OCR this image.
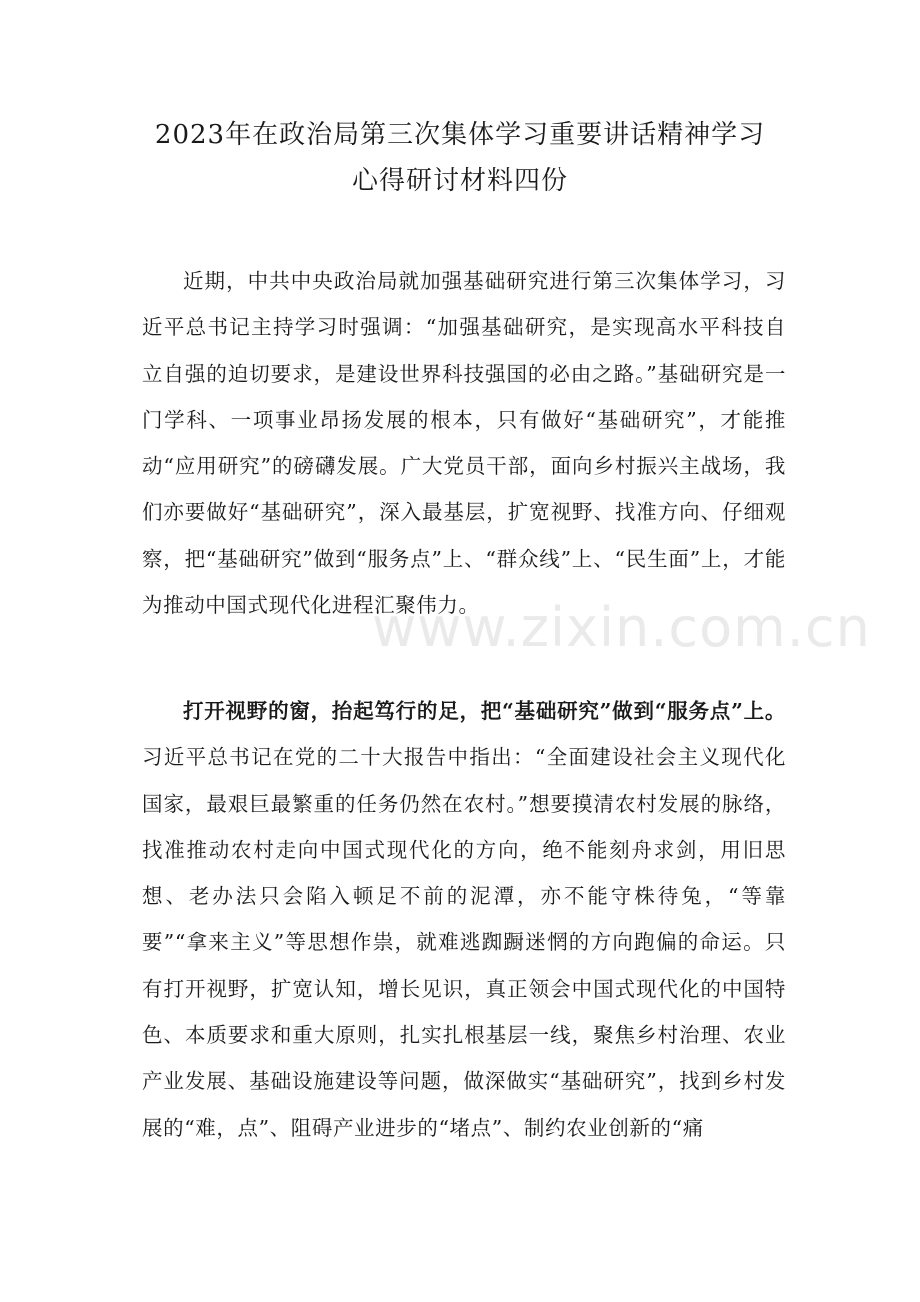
2023年在政治局第三次集体学习重要讲话精神学习
心得研讨材料四份

近期，中共中央政治局就加强基础研究进行第三次集体学习，习近平总书记主持学习时强调：“加强基础研究，是实现高水平科技自立自强的迫切要求，是建设世界科技强国的必由之路。”基础研究是一门学科、一项事业昂扬发展的根本，只有做好“基础研究”，才能推动“应用研究”的磅礴发展。广大党员干部，面向乡村振兴主战场，我们亦要做好“基础研究”，深入最基层，扩宽视野、找准方向、仔细观察，把“基础研究”做到“服务点”上、“群众线”上、“民生面”上，才能为推动中国式现代化进程汇聚伟力。

打开视野的窗，抬起笃行的足，把“基础研究”做到“服务点”上。习近平总书记在党的二十大报告中指出：“全面建设社会主义现代化国家，最艰巨最繁重的任务仍然在农村。”想要摸清农村发展的脉络，找准推动农村走向中国式现代化的方向，绝不能刻舟求剑，用旧思想、老办法只会陷入顿足不前的泥潭，亦不能守株待兔，“等靠要”“拿来主义”等思想作祟，就难逃踟蹰迷惘的方向跑偏的命运。只有打开视野，扩宽认知，增长见识，真正领会中国式现代化的中国特色、本质要求和重大原则，扎实扎根基层一线，聚焦乡村治理、农业产业发展、基础设施建设等问题，做深做实“基础研究”，找到乡村发展的“难，点”、阻碍产业进步的“堵点”、制约农业创新的“痛

www.zixin.com.cn
